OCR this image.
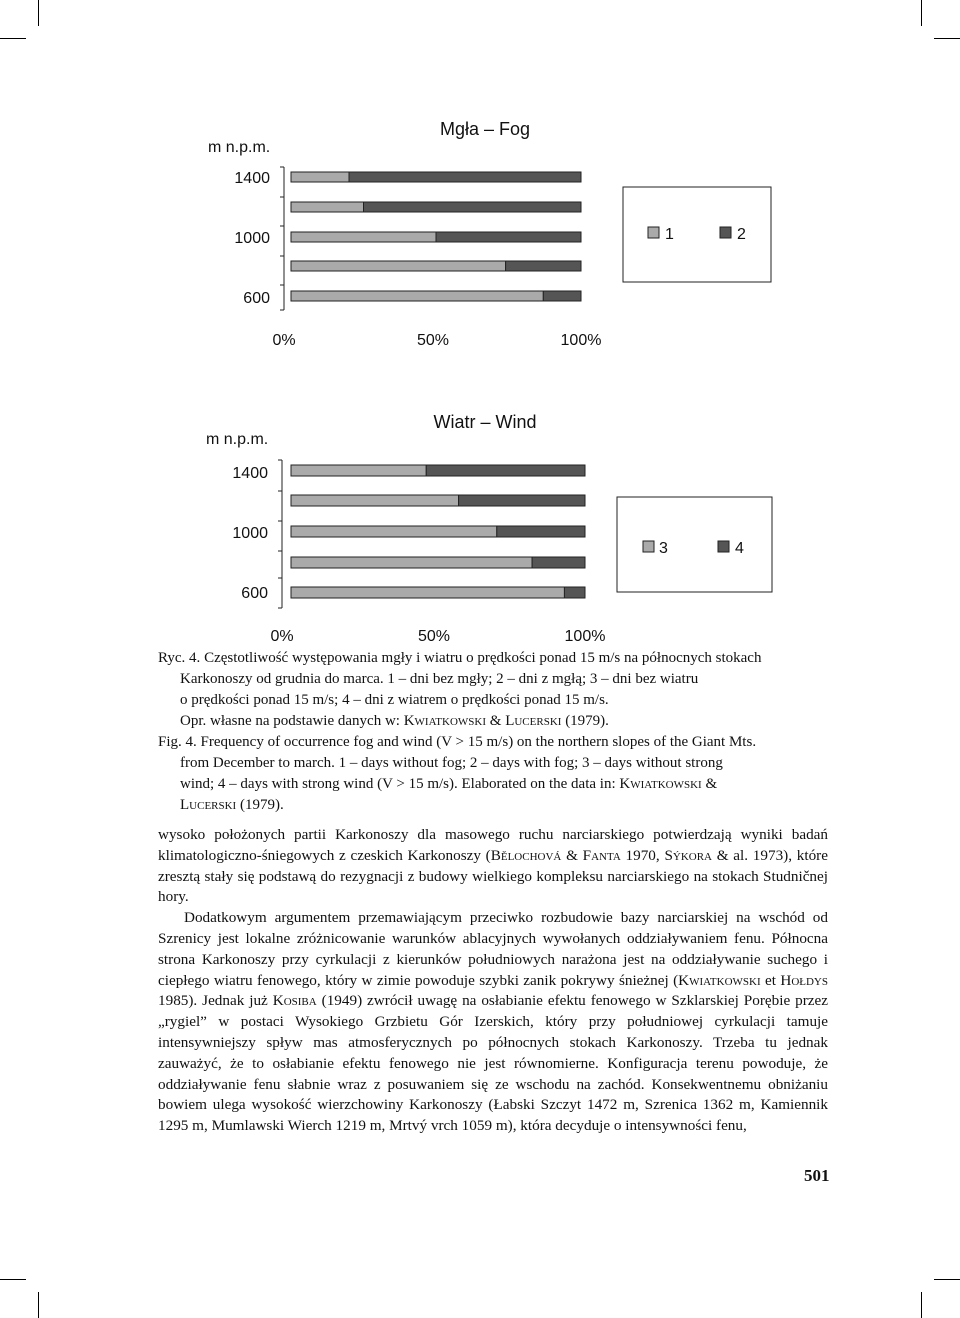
Mgła – Fog
m n.p.m.
1400
1000
600
0%	50%	100%
1	2
Wiatr – Wind
m n.p.m.
1400
1000
600
0%	50%	100%
3	4

Ryc. 4. Częstotliwość występowania mgły i wiatru o prędkości ponad 15 m/s na północnych stokach

Karkonoszy od grudnia do marca. 1 – dni bez mgły; 2 – dni z mgłą; 3 – dni bez wiatru

o prędkości ponad 15 m/s; 4 – dni z wiatrem o prędkości ponad 15 m/s.

Opr. własne na podstawie danych w: Kwiatkowski & Lucerski (1979).

Fig. 4. Frequency of occurrence fog and wind (V > 15 m/s) on the northern slopes of the Giant Mts.

from December to march. 1 – days without fog; 2 – days with fog; 3 – days without strong

wind; 4 – days with strong wind (V > 15 m/s). Elaborated on the data in: Kwiatkowski &

Lucerski (1979).

wysoko położonych partii Karkonoszy dla masowego ruchu narciarskiego potwierdzają wyniki badań klimatologiczno-śniegowych z czeskich Karkonoszy (Bělochová & Fanta 1970, Sýkora & al. 1973), które zresztą stały się podstawą do rezygnacji z budowy wielkiego kompleksu narciarskiego na stokach Studničnej hory.

Dodatkowym argumentem przemawiającym przeciwko rozbudowie bazy narciarskiej na wschód od Szrenicy jest lokalne zróżnicowanie warunków ablacyjnych wywołanych oddziaływaniem fenu. Północna strona Karkonoszy przy cyrkulacji z kierunków południowych narażona jest na oddziaływanie suchego i ciepłego wiatru fenowego, który w zimie powoduje szybki zanik pokrywy śnieżnej (Kwiatkowski et Hołdys 1985). Jednak już Kosiba (1949) zwrócił uwagę na osłabianie efektu fenowego w Szklarskiej Porębie przez „rygiel” w postaci Wysokiego Grzbietu Gór Izerskich, który przy południowej cyrkulacji tamuje intensywniejszy spływ mas atmosferycznych po północnych stokach Karkonoszy. Trzeba tu jednak zauważyć, że to osłabianie efektu fenowego nie jest równomierne. Konfiguracja terenu powoduje, że oddziaływanie fenu słabnie wraz z posuwaniem się ze wschodu na zachód. Konsekwentnemu obniżaniu bowiem ulega wysokość wierzchowiny Karkonoszy (Łabski Szczyt 1472 m, Szrenica 1362 m, Kamiennik 1295 m, Mumlawski Wierch 1219 m, Mrtvý vrch 1059 m), która decyduje o intensywności fenu,

501
